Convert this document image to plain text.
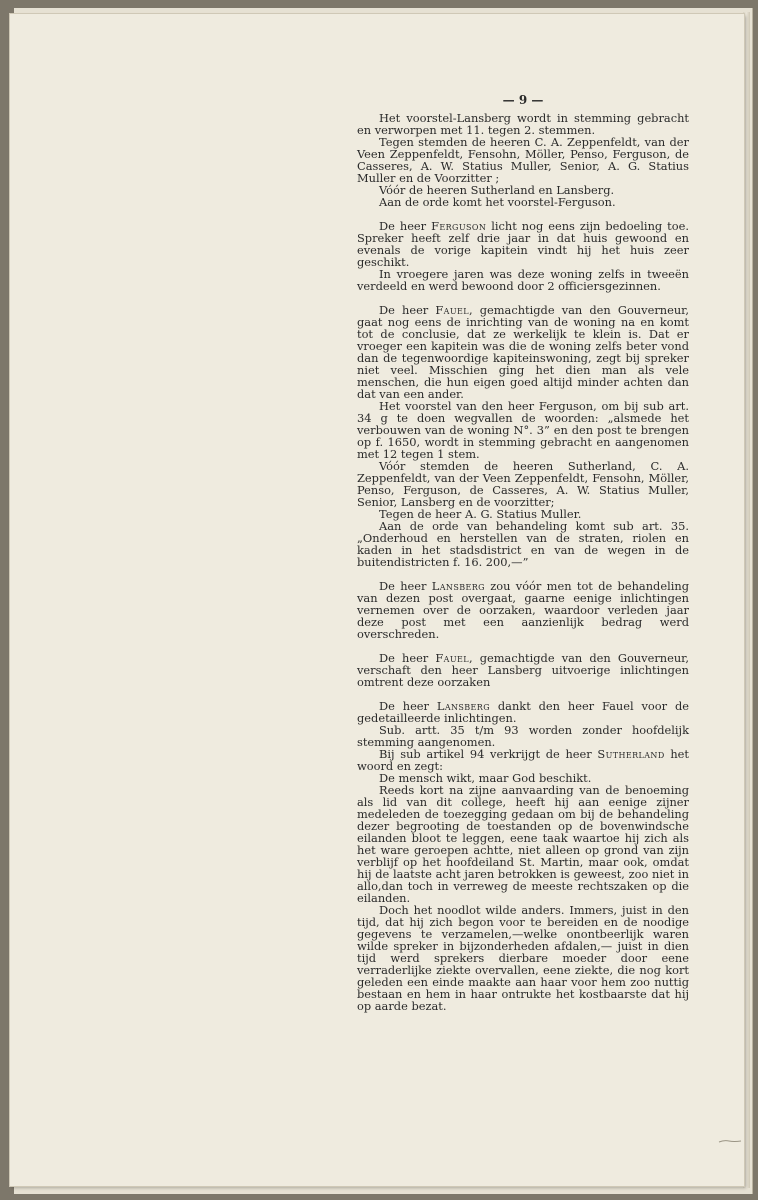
— 9 —

Het voorstel-Lansberg wordt in stemming gebracht en verworpen met 11. tegen 2. stemmen.

Tegen stemden de heeren C. A. Zeppenfeldt, van der Veen Zeppenfeldt, Fensohn, Möller, Penso, Ferguson, de Casseres, A. W. Statius Muller, Senior, A. G. Statius Muller en de Voorzitter ;

Vóór de heeren Sutherland en Lansberg.

Aan de orde komt het voorstel-Ferguson.

De heer Ferguson licht nog eens zijn bedoeling toe. Spreker heeft zelf drie jaar in dat huis gewoond en evenals de vorige kapitein vindt hij het huis zeer geschikt.

In vroegere jaren was deze woning zelfs in tweeën verdeeld en werd bewoond door 2 officiersgezinnen.

De heer Fauel, gemachtigde van den Gouverneur, gaat nog eens de inrichting van de woning na en komt tot de conclusie, dat ze werkelijk te klein is. Dat er vroeger een kapitein was die de woning zelfs beter vond dan de tegenwoordige kapiteinswoning, zegt bij spreker niet veel. Misschien ging het dien man als vele menschen, die hun eigen goed altijd minder achten dan dat van een ander.

Het voorstel van den heer Ferguson, om bij sub art. 34 g te doen wegvallen de woorden: „alsmede het verbouwen van de woning N°. 3” en den post te brengen op f. 1650, wordt in stemming gebracht en aangenomen met 12 tegen 1 stem.

Vóór stemden de heeren Sutherland, C. A. Zeppenfeldt, van der Veen Zeppenfeldt, Fensohn, Möller, Penso, Ferguson, de Casseres, A. W. Statius Muller, Senior, Lansberg en de voorzitter;

Tegen de heer A. G. Statius Muller.

Aan de orde van behandeling komt sub art. 35. „Onderhoud en herstellen van de straten, riolen en kaden in het stadsdistrict en van de wegen in de buitendistricten f. 16. 200,—”

De heer Lansberg zou vóór men tot de behandeling van dezen post overgaat, gaarne eenige inlichtingen vernemen over de oorzaken, waardoor verleden jaar deze post met een aanzienlijk bedrag werd overschreden.

De heer Fauel, gemachtigde van den Gouverneur, verschaft den heer Lansberg uitvoerige inlichtingen omtrent deze oorzaken

De heer Lansberg dankt den heer Fauel voor de gedetailleerde inlichtingen.

Sub. artt. 35 t/m 93 worden zonder hoofdelijk stemming aangenomen.

Bij sub artikel 94 verkrijgt de heer Sutherland het woord en zegt:

De mensch wikt, maar God beschikt.

Reeds kort na zijne aanvaarding van de benoeming als lid van dit college, heeft hij aan eenige zijner medeleden de toezegging gedaan om bij de behandeling dezer begrooting de toestanden op de bovenwindsche eilanden bloot te leggen, eene taak waartoe hij zich als het ware geroepen achtte, niet alleen op grond van zijn verblijf op het hoofdeiland St. Martin, maar ook, omdat hij de laatste acht jaren betrokken is geweest, zoo niet in allo,dan toch in verreweg de meeste rechtszaken op die eilanden.

Doch het noodlot wilde anders. Immers, juist in den tijd, dat hij zich begon voor te bereiden en de noodige gegevens te verzamelen,—welke onontbeerlijk waren wilde spreker in bijzonderheden afdalen,— juist in dien tijd werd sprekers dierbare moeder door eene verraderlijke ziekte overvallen, eene ziekte, die nog kort geleden een einde maakte aan haar voor hem zoo nuttig bestaan en hem in haar ontrukte het kostbaarste dat hij op aarde bezat.
